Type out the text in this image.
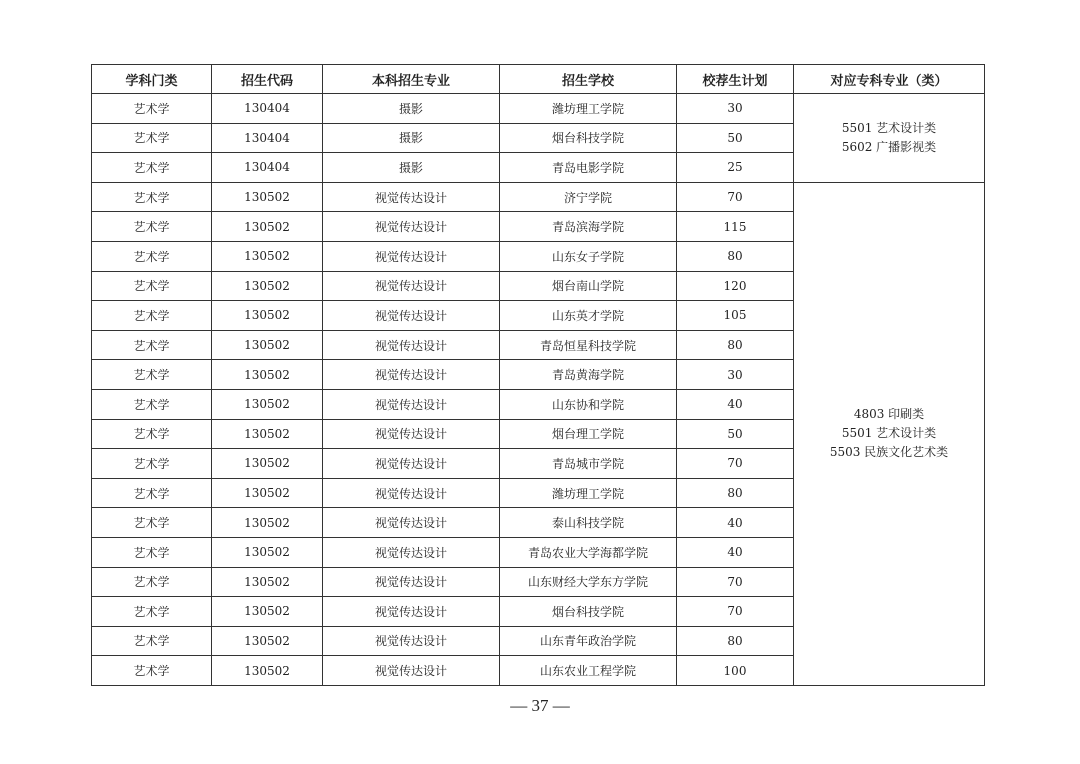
学科门类	招生代码	本科招生专业	招生学校	校荐生计划	对应专科专业（类）
艺术学	130404	摄影	潍坊理工学院	30	5501 艺术设计类
5602 广播影视类

艺术学	130404	摄影	烟台科技学院	50	
艺术学	130404	摄影	青岛电影学院	25	
艺术学	130502	视觉传达设计	济宁学院	70	4803 印刷类
5501 艺术设计类
5503 民族文化艺术类

艺术学	130502	视觉传达设计	青岛滨海学院	115	
艺术学	130502	视觉传达设计	山东女子学院	80	
艺术学	130502	视觉传达设计	烟台南山学院	120	
艺术学	130502	视觉传达设计	山东英才学院	105	
艺术学	130502	视觉传达设计	青岛恒星科技学院	80	
艺术学	130502	视觉传达设计	青岛黄海学院	30	
艺术学	130502	视觉传达设计	山东协和学院	40	
艺术学	130502	视觉传达设计	烟台理工学院	50	
艺术学	130502	视觉传达设计	青岛城市学院	70	
艺术学	130502	视觉传达设计	潍坊理工学院	80	
艺术学	130502	视觉传达设计	泰山科技学院	40	
艺术学	130502	视觉传达设计	青岛农业大学海都学院	40	
艺术学	130502	视觉传达设计	山东财经大学东方学院	70	
艺术学	130502	视觉传达设计	烟台科技学院	70	
艺术学	130502	视觉传达设计	山东青年政治学院	80	
艺术学	130502	视觉传达设计	山东农业工程学院	100	
— 37 —
